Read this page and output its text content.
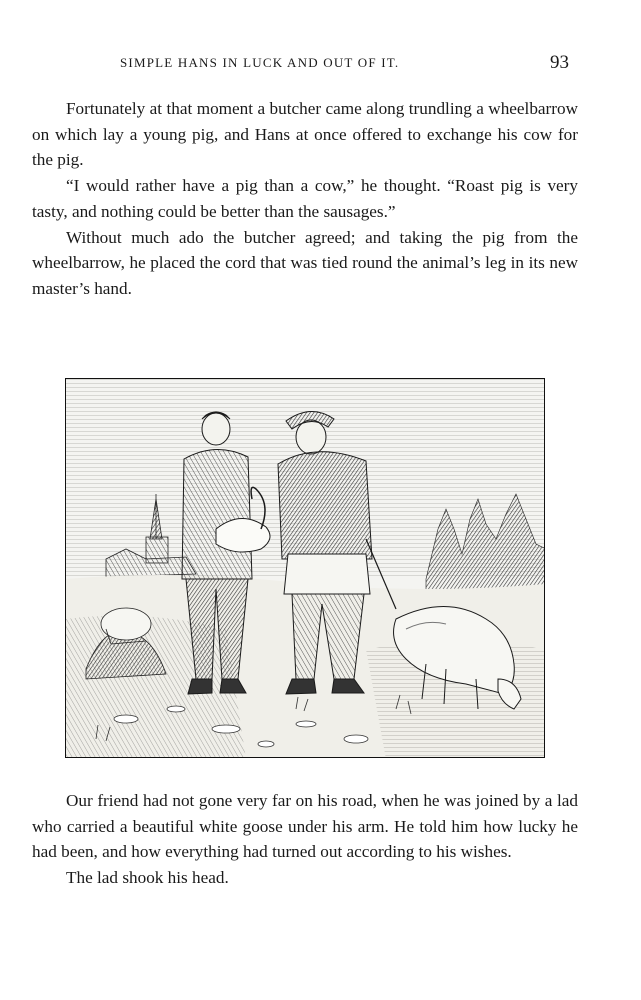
SIMPLE HANS IN LUCK AND OUT OF IT.	93

Fortunately at that moment a butcher came along trundling a wheelbarrow on which lay a young pig, and Hans at once offered to exchange his cow for the pig.

“I would rather have a pig than a cow,” he thought. “Roast pig is very tasty, and nothing could be better than the sausages.”

Without much ado the butcher agreed; and taking the pig from the wheelbarrow, he placed the cord that was tied round the animal’s leg in its new master’s hand.

Our friend had not gone very far on his road, when he was joined by a lad who carried a beautiful white goose under his arm. He told him how lucky he had been, and how everything had turned out according to his wishes.

The lad shook his head.
